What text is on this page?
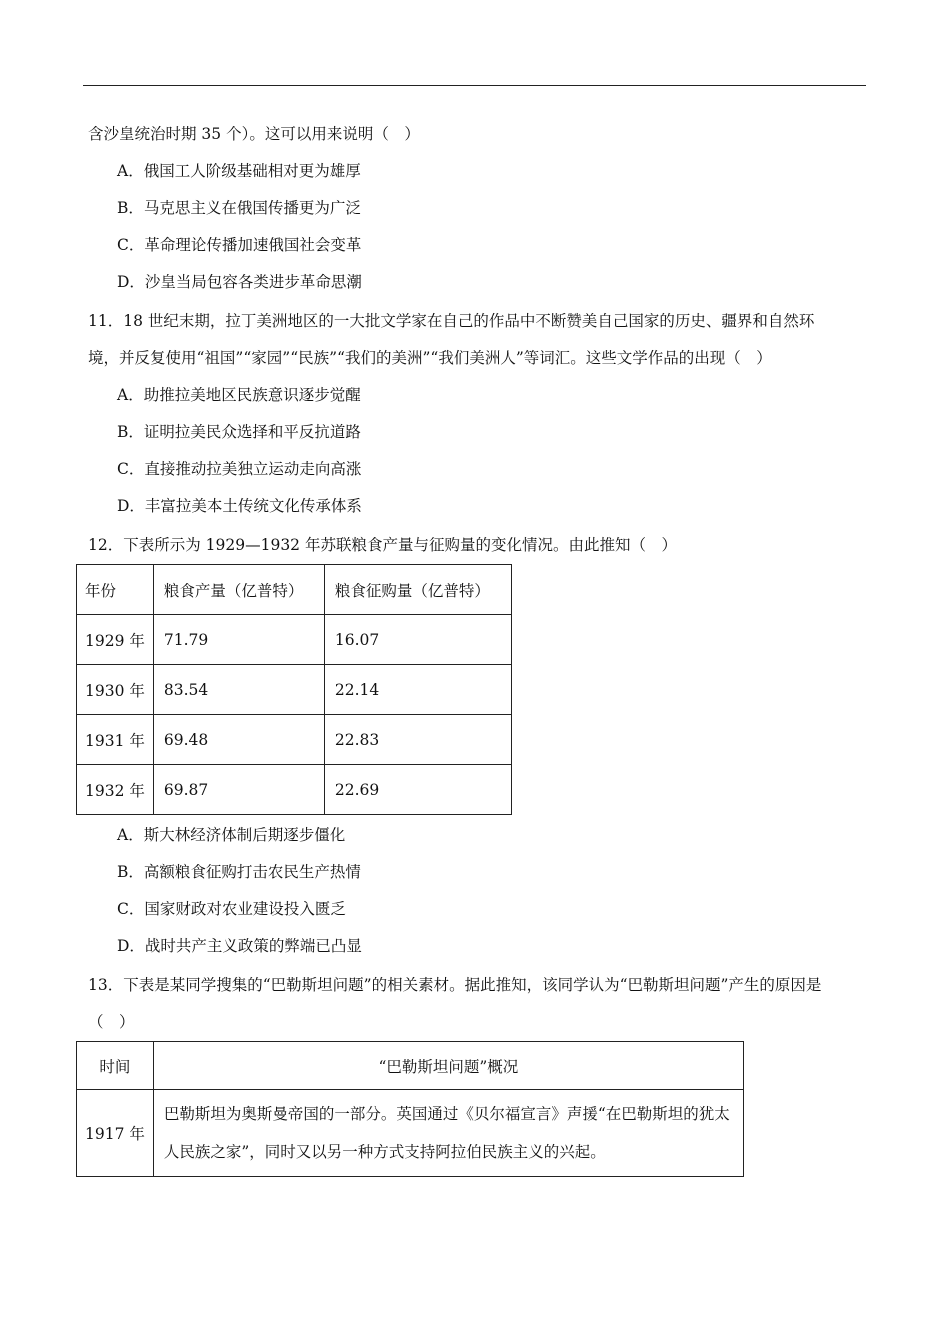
含沙皇统治时期 35 个）。这可以用来说明（　）
A．俄国工人阶级基础相对更为雄厚
B．马克思主义在俄国传播更为广泛
C．革命理论传播加速俄国社会变革
D．沙皇当局包容各类进步革命思潮
11．18 世纪末期，拉丁美洲地区的一大批文学家在自己的作品中不断赞美自己国家的历史、疆界和自然环
境，并反复使用“祖国”“家园”“民族”“我们的美洲”“我们美洲人”等词汇。这些文学作品的出现（　）
A．助推拉美地区民族意识逐步觉醒
B．证明拉美民众选择和平反抗道路
C．直接推动拉美独立运动走向高涨
D．丰富拉美本土传统文化传承体系
12．下表所示为 1929—1932 年苏联粮食产量与征购量的变化情况。由此推知（　）
年份	粮食产量（亿普特）	粮食征购量（亿普特）
1929 年	71.79	16.07
1930 年	83.54	22.14
1931 年	69.48	22.83
1932 年	69.87	22.69
A．斯大林经济体制后期逐步僵化
B．高额粮食征购打击农民生产热情
C．国家财政对农业建设投入匮乏
D．战时共产主义政策的弊端已凸显
13．下表是某同学搜集的“巴勒斯坦问题”的相关素材。据此推知，该同学认为“巴勒斯坦问题”产生的原因是
（　）
时间	“巴勒斯坦问题”概况
1917 年	巴勒斯坦为奥斯曼帝国的一部分。英国通过《贝尔福宣言》声援“在巴勒斯坦的犹太人民族之家”，同时又以另一种方式支持阿拉伯民族主义的兴起。
